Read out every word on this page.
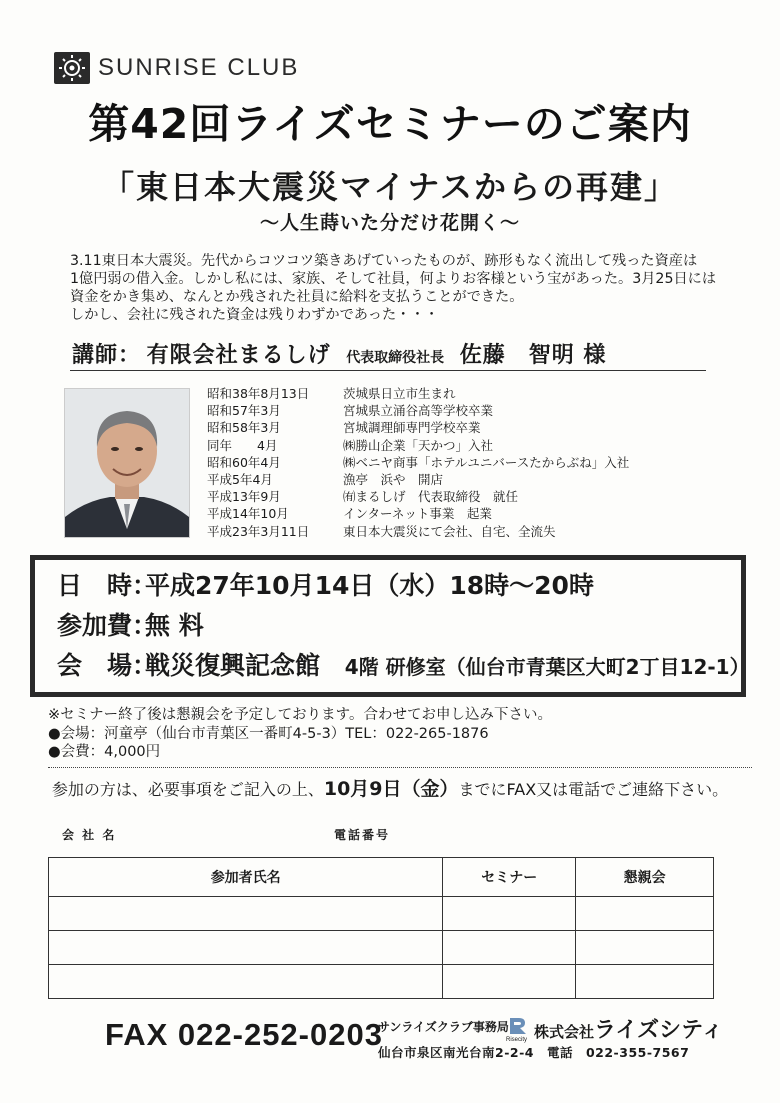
SUNRISE CLUB
第42回ライズセミナーのご案内
「東日本大震災マイナスからの再建」
～人生蒔いた分だけ花開く～
3.11東日本大震災。先代からコツコツ築きあげていったものが、跡形もなく流出して残った資産は
1億円弱の借入金。しかし私には、家族、そして社員，何よりお客様という宝があった。3月25日には
資金をかき集め、なんとか残された社員に給料を支払うことができた。
しかし、会社に残された資金は残りわずかであった・・・
講師： 有限会社まるしげ 代表取締役社長 佐藤　智明 様
昭和38年8月13日	茨城県日立市生まれ
昭和57年3月	宮城県立涌谷高等学校卒業
昭和58年3月	宮城調理師専門学校卒業
同年　　4月	㈱勝山企業「天かつ」入社
昭和60年4月	㈱ベニヤ商事「ホテルユニバースたからぶね」入社
平成5年4月	漁亭　浜や　開店
平成13年9月	㈲まるしげ　代表取締役　就任
平成14年10月	インターネット事業　起業
平成23年3月11日	東日本大震災にて会社、自宅、全流失
日　時：平成27年10月14日（水）18時～20時
参加費：無 料
会　場：戦災復興記念館 4階 研修室（仙台市青葉区大町2丁目12-1）
※セミナー終了後は懇親会を予定しております。合わせてお申し込み下さい。
●会場：河童亭（仙台市青葉区一番町4-5-3）TEL：022-265-1876
●会費：4,000円
参加の方は、必要事項をご記入の上、10月9日（金）までにFAX又は電話でご連絡下さい。
会 社 名	電話番号
参加者氏名	セミナー	懇親会

FAX 022-252-0203
サンライズクラブ事務局
Risecity 株式会社ライズシティ
仙台市泉区南光台南2-2-4　電話　022-355-7567
